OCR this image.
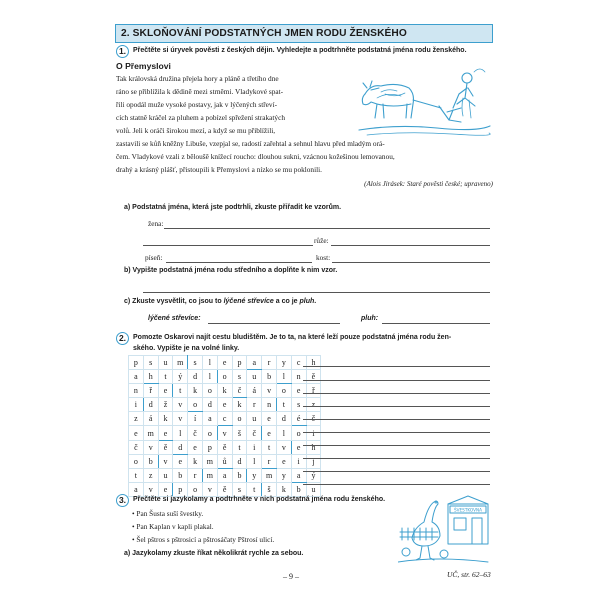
2. SKLOŇOVÁNÍ PODSTATNÝCH JMEN RODU ŽENSKÉHO
1. Přečtěte si úryvek pověsti z českých dějin. Vyhledejte a podtrhněte podstatná jména rodu ženského.
O Přemyslovi
Tak královská družina přejela hory a pláně a třetího dne
ráno se přiblížila k dědině mezi strněmi. Vladykové spat-
řili opodál muže vysoké postavy, jak v lýčených střeví-
cích statně kráčel za pluhem a pobízel spřežení strakatých
volů. Jeli k oráči širokou mezí, a když se mu přiblížili,
zastavili se kůň kněžny Libuše, vzepjal se, radostí zařehtal a sehnul hlavu před mladým orá-
čem. Vladykové vzali z běloušě knížecí roucho: dlouhou sukni, vzácnou kožešinou lemovanou,
drahý a krásný plášť, přistoupili k Přemyslovi a nízko se mu poklonili.
(Alois Jirásek: Staré pověsti české; upraveno)
a) Podstatná jména, která jste podtrhli, zkuste přiřadit ke vzorům.
žena:
růže:
píseň:	kost:
b) Vypište podstatná jména rodu středního a doplňte k nim vzor.
c) Zkuste vysvětlit, co jsou to lýčené střevíce a co je pluh.
lýčené střevíce:	pluh:
2. Pomozte Oskarovi najít cestu bludištěm. Je to ta, na které leží pouze podstatná jména rodu žen-
ského. Vypište je na volné linky.
p	s	u	m	s	l	e	p	a	r	y	c	h
a	h	t	ý	d	l	o	s	u	b	l	n	ě
n	ř	e	t	k	o	k	č	á	v	o	e	ř
i	d	ž	v	o	d	e	k	r	n	t	s	z
z	á	k	v	í	a	c	o	u	e	d	é	č
e	m	e	l	č	o	v	š	č	e	l	o	i
č	v	ě	d	e	p	ě	t	i	t	v	e	h
o	b	v	e	k	m	ů	d	l	r	e	i	j
t	z	u	b	r	m	a	b	y	m	y	a	ý
a	v	e	p	o	v	ě	s	t	š	k	b	u
3. Přečtěte si jazykolamy a podtrhněte v nich podstatná jména rodu ženského.
• Pan Šusta suší švestky.
• Pan Kaplan v kapli plakal.
• Šel pštros s pštrosicí a pštrosáčaty Pštrosí ulicí.
a) Jazykolamy zkuste říkat několikrát rychle za sebou.
ŠVESTKOVNA
– 9 –	UČ, str. 62–63
